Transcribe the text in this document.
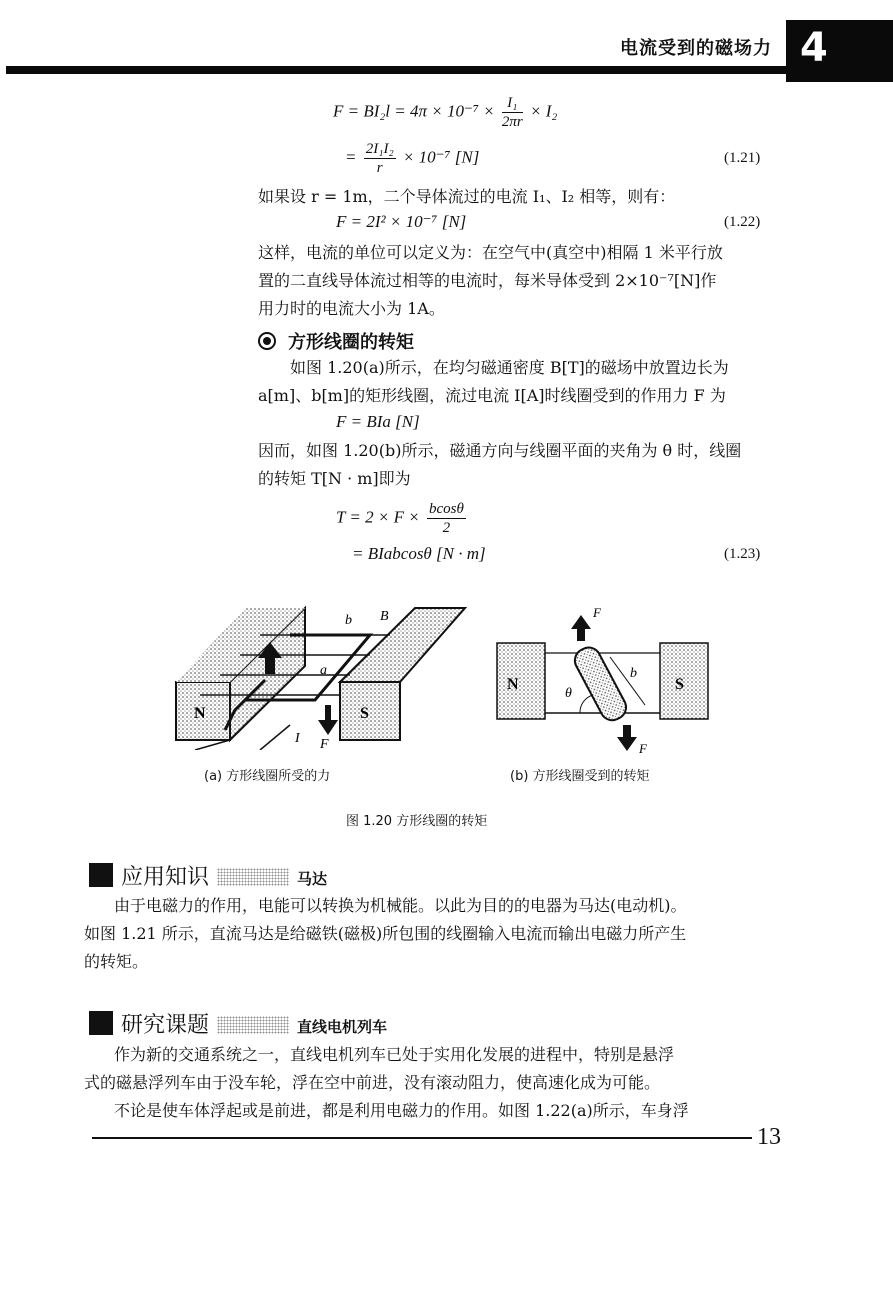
电流受到的磁场力 4
$F = BI_2l = 4\pi \times 10^{-7} \times \frac{\text{I₁}}{2\pi r} \times I_2$
= $\frac{\text{2I₁I₂}}{r} \times 10^{-7}$ [N]	(1.21)
如果设 r = 1m，二个导体流过的电流 I₁、I₂ 相等，则有：
F = 2I² × 10⁻⁷ [N]	(1.22)
这样，电流的单位可以定义为：在空气中(真空中)相隔 1 米平行放
置的二直线导体流过相等的电流时，每米导体受到 2×10⁻⁷[N]作
用力时的电流大小为 1A。
方形线圈的转矩
如图 1.20(a)所示，在均匀磁通密度 B[T]的磁场中放置边长为
a[m]、b[m]的矩形线圈，流过电流 I[A]时线圈受到的作用力 F 为
F = BIa [N]
因而，如图 1.20(b)所示，磁通方向与线圈平面的夹角为 θ 时，线圈
的转矩 T[N · m]即为
$T = 2 \times F \times \frac{bcos\theta}{2}$
= BIabcosθ [N · m]	(1.23)
N	S
b B
a
I F
N	S
θ
b
F
F
(a) 方形线圈所受的力	(b) 方形线圈受到的转矩
图 1.20 方形线圈的转矩
应用知识	马达
由于电磁力的作用，电能可以转换为机械能。以此为目的的电器为马达(电动机)。
如图 1.21 所示，直流马达是给磁铁(磁极)所包围的线圈输入电流而输出电磁力所产生
的转矩。
研究课题	直线电机列车
作为新的交通系统之一，直线电机列车已处于实用化发展的进程中，特别是悬浮
式的磁悬浮列车由于没车轮，浮在空中前进，没有滚动阻力，使高速化成为可能。
不论是使车体浮起或是前进，都是利用电磁力的作用。如图 1.22(a)所示，车身浮
13
